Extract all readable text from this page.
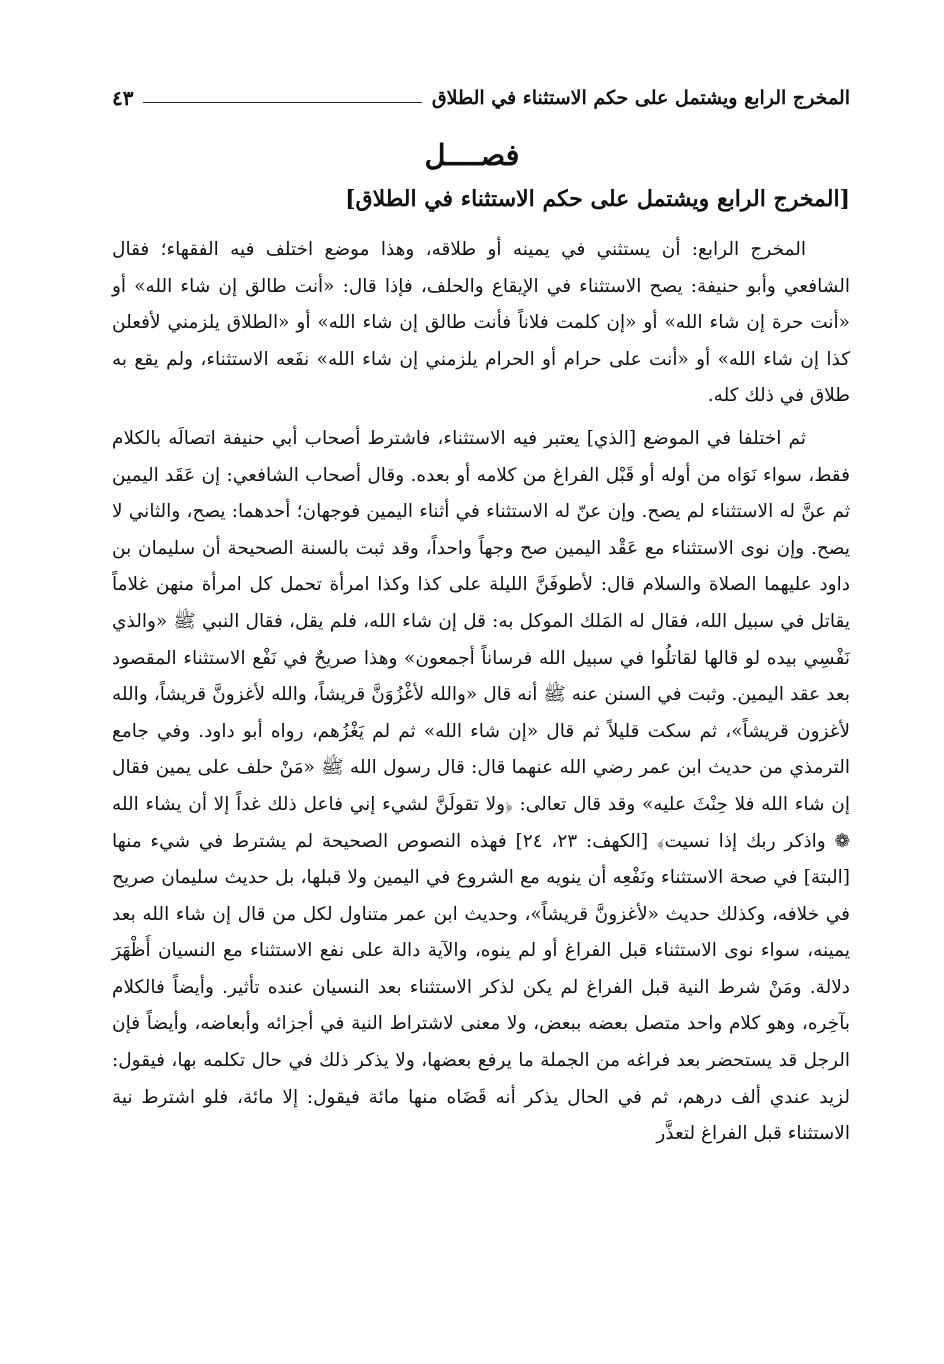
المخرج الرابع ويشتمل على حكم الاستثناء في الطلاق
٤٣
فصــــل
[المخرج الرابع ويشتمل على حكم الاستثناء في الطلاق]

المخرج الرابع: أن يستثني في يمينه أو طلاقه، وهذا موضع اختلف فيه الفقهاء؛ فقال الشافعي وأبو حنيفة: يصح الاستثناء في الإيقاع والحلف، فإذا قال: «أنت طالق إن شاء الله» أو «أنت حرة إن شاء الله» أو «إن كلمت فلاناً فأنت طالق إن شاء الله» أو «الطلاق يلزمني لأفعلن كذا إن شاء الله» أو «أنت على حرام أو الحرام يلزمني إن شاء الله» نفَعه الاستثناء، ولم يقع به طلاق في ذلك كله.

ثم اختلفا في الموضع [الذي] يعتبر فيه الاستثناء، فاشترط أصحاب أبي حنيفة اتصالَه بالكلام فقط، سواء نَوَاه من أوله أو قَبْل الفراغ من كلامه أو بعده. وقال أصحاب الشافعي: إن عَقَد اليمين ثم عنَّ له الاستثناء لم يصح. وإن عنّ له الاستثناء في أثناء اليمين فوجهان؛ أحدهما: يصح، والثاني لا يصح. وإن نوى الاستثناء مع عَقْد اليمين صح وجهاً واحداً، وقد ثبت بالسنة الصحيحة أن سليمان بن داود عليهما الصلاة والسلام قال: لأطوفَنَّ الليلة على كذا وكذا امرأة تحمل كل امرأة منهن غلاماً يقاتل في سبيل الله، فقال له المَلك الموكل به: قل إن شاء الله، فلم يقل، فقال النبي ﷺ «والذي نَفْسِي بيده لو قالها لقاتلُوا في سبيل الله فرساناً أجمعون» وهذا صريحٌ في نَفْع الاستثناء المقصود بعد عقد اليمين. وثبت في السنن عنه ﷺ أنه قال «والله لأغْزُوَنَّ قريشاً، والله لأغزونَّ قريشاً، والله لأغزون قريشاً»، ثم سكت قليلاً ثم قال «إن شاء الله» ثم لم يَغْزُهم، رواه أبو داود. وفي جامع الترمذي من حديث ابن عمر رضي الله عنهما قال: قال رسول الله ﷺ «مَنْ حلف على يمين فقال إن شاء الله فلا حِنْثَ عليه» وقد قال تعالى: ﴿ولا تقولَنَّ لشيء إني فاعل ذلك غداً إلا أن يشاء الله ❁ واذكر ربك إذا نسيت﴾ [الكهف: ٢٣، ٢٤] فهذه النصوص الصحيحة لم يشترط في شيء منها [البتة] في صحة الاستثناء ونَفْعِه أن ينويه مع الشروع في اليمين ولا قبلها، بل حديث سليمان صريح في خلافه، وكذلك حديث «لأغزونَّ قريشاً»، وحديث ابن عمر متناول لكل من قال إن شاء الله بعد يمينه، سواء نوى الاستثناء قبل الفراغ أو لم ينوه، والآية دالة على نفع الاستثناء مع النسيان أَظْهَرَ دلالة. ومَنْ شرط النية قبل الفراغ لم يكن لذكر الاستثناء بعد النسيان عنده تأثير. وأيضاً فالكلام بآخِره، وهو كلام واحد متصل بعضه ببعض، ولا معنى لاشتراط النية في أجزائه وأبعاضه، وأيضاً فإن الرجل قد يستحضر بعد فراغه من الجملة ما يرفع بعضها، ولا يذكر ذلك في حال تكلمه بها، فيقول: لزيد عندي ألف درهم، ثم في الحال يذكر أنه قَضَاه منها مائة فيقول: إلا مائة، فلو اشترط نية الاستثناء قبل الفراغ لتعذَّر
